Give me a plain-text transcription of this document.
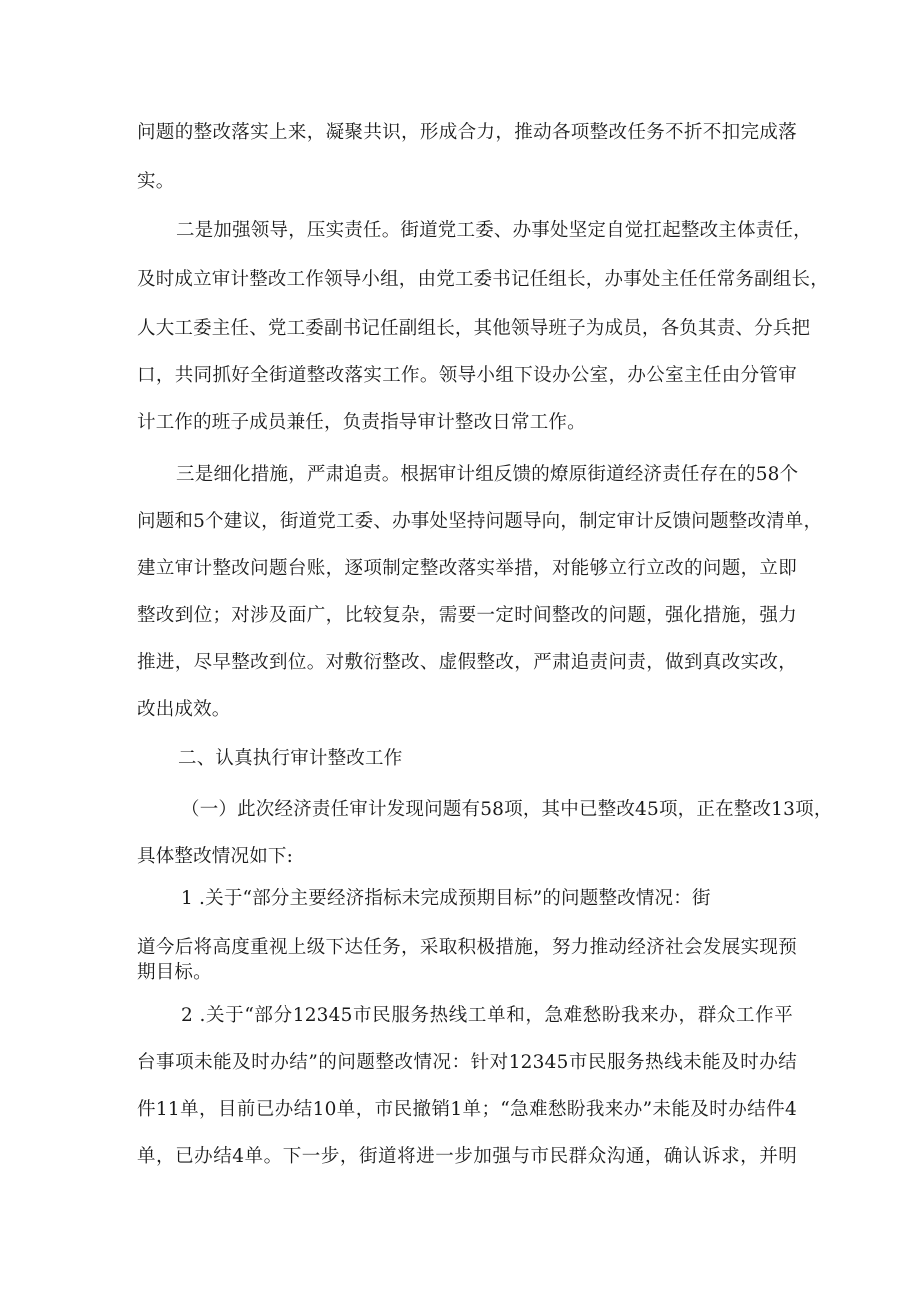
问题的整改落实上来，凝聚共识，形成合力，推动各项整改任务不折不扣完成落
实。
二是加强领导，压实责任。街道党工委、办事处坚定自觉扛起整改主体责任，
及时成立审计整改工作领导小组，由党工委书记任组长，办事处主任任常务副组长，
人大工委主任、党工委副书记任副组长，其他领导班子为成员，各负其责、分兵把
口，共同抓好全街道整改落实工作。领导小组下设办公室，办公室主任由分管审
计工作的班子成员兼任，负责指导审计整改日常工作。
三是细化措施，严肃追责。根据审计组反馈的燎原街道经济责任存在的58个
问题和5个建议，街道党工委、办事处坚持问题导向，制定审计反馈问题整改清单，
建立审计整改问题台账，逐项制定整改落实举措，对能够立行立改的问题，立即
整改到位；对涉及面广，比较复杂，需要一定时间整改的问题，强化措施，强力
推进，尽早整改到位。对敷衍整改、虚假整改，严肃追责问责，做到真改实改，
改出成效。
二、认真执行审计整改工作
（一）此次经济责任审计发现问题有58项，其中已整改45项，正在整改13项，
具体整改情况如下:
1 .关于“部分主要经济指标未完成预期目标”的问题整改情况：街
道今后将高度重视上级下达任务，采取积极措施，努力推动经济社会发展实现预
期目标。
2 .关于“部分12345市民服务热线工单和，急难愁盼我来办，群众工作平
台事项未能及时办结”的问题整改情况：针对12345市民服务热线未能及时办结
件11单，目前已办结10单，市民撤销1单；“急难愁盼我来办”未能及时办结件4
单，已办结4单。下一步，街道将进一步加强与市民群众沟通，确认诉求，并明
